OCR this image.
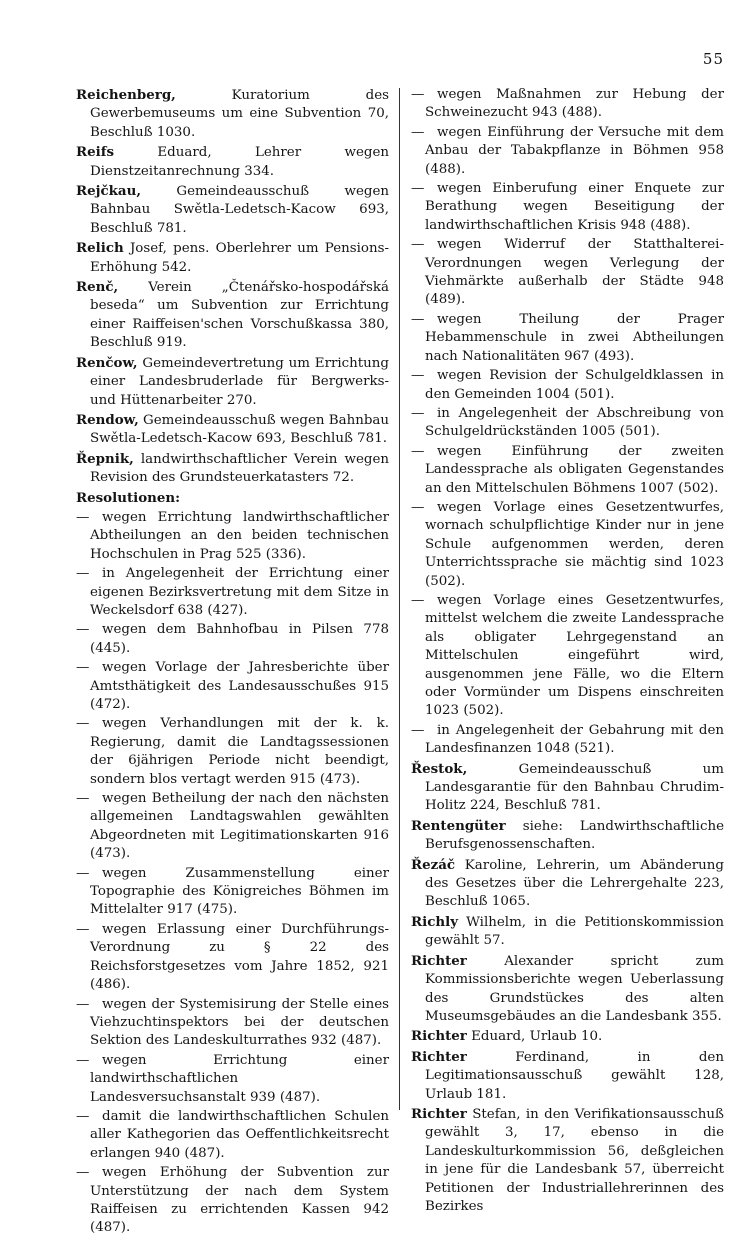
55

Reichenberg, Kuratorium des Gewerbemuseums um eine Subvention 70, Beschluß 1030.

Reifs Eduard, Lehrer wegen Dienstzeitanrechnung 334.

Rejčkau, Gemeindeausschuß wegen Bahnbau Swětla-Ledetsch-Kacow 693, Beschluß 781.

Relich Josef, pens. Oberlehrer um Pensions-Erhöhung 542.

Renč, Verein „Čtenářsko-hospodářská beseda“ um Subvention zur Errichtung einer Raiffeisen'schen Vorschußkassa 380, Beschluß 919.

Renčow, Gemeindevertretung um Errichtung einer Landesbruderlade für Bergwerks- und Hüttenarbeiter 270.

Rendow, Gemeindeausschuß wegen Bahnbau Swětla-Ledetsch-Kacow 693, Beschluß 781.

Řepnik, landwirthschaftlicher Verein wegen Revision des Grundsteuerkatasters 72.

Resolutionen:

— wegen Errichtung landwirthschaftlicher Abtheilungen an den beiden technischen Hochschulen in Prag 525 (336).

— in Angelegenheit der Errichtung einer eigenen Bezirksvertretung mit dem Sitze in Weckelsdorf 638 (427).

— wegen dem Bahnhofbau in Pilsen 778 (445).

— wegen Vorlage der Jahresberichte über Amtsthätigkeit des Landesausschußes 915 (472).

— wegen Verhandlungen mit der k. k. Regierung, damit die Landtagssessionen der 6jährigen Periode nicht beendigt, sondern blos vertagt werden 915 (473).

— wegen Betheilung der nach den nächsten allgemeinen Landtagswahlen gewählten Abgeordneten mit Legitimationskarten 916 (473).

— wegen Zusammenstellung einer Topographie des Königreiches Böhmen im Mittelalter 917 (475).

— wegen Erlassung einer Durchführungs-Verordnung zu § 22 des Reichsforstgesetzes vom Jahre 1852, 921 (486).

— wegen der Systemisirung der Stelle eines Viehzuchtinspektors bei der deutschen Sektion des Landeskulturrathes 932 (487).

— wegen Errichtung einer landwirthschaftlichen Landesversuchsanstalt 939 (487).

— damit die landwirthschaftlichen Schulen aller Kathegorien das Oeffentlichkeitsrecht erlangen 940 (487).

— wegen Erhöhung der Subvention zur Unterstützung der nach dem System Raiffeisen zu errichtenden Kassen 942 (487).

— wegen Maßnahmen zur Hebung der Schweinezucht 943 (488).

— wegen Einführung der Versuche mit dem Anbau der Tabakpflanze in Böhmen 958 (488).

— wegen Einberufung einer Enquete zur Berathung wegen Beseitigung der landwirthschaftlichen Krisis 948 (488).

— wegen Widerruf der Statthalterei-Verordnungen wegen Verlegung der Viehmärkte außerhalb der Städte 948 (489).

— wegen Theilung der Prager Hebammenschule in zwei Abtheilungen nach Nationalitäten 967 (493).

— wegen Revision der Schulgeldklassen in den Gemeinden 1004 (501).

— in Angelegenheit der Abschreibung von Schulgeldrückständen 1005 (501).

— wegen Einführung der zweiten Landessprache als obligaten Gegenstandes an den Mittelschulen Böhmens 1007 (502).

— wegen Vorlage eines Gesetzentwurfes, wornach schulpflichtige Kinder nur in jene Schule aufgenommen werden, deren Unterrichtssprache sie mächtig sind 1023 (502).

— wegen Vorlage eines Gesetzentwurfes, mittelst welchem die zweite Landessprache als obligater Lehrgegenstand an Mittelschulen eingeführt wird, ausgenommen jene Fälle, wo die Eltern oder Vormünder um Dispens einschreiten 1023 (502).

— in Angelegenheit der Gebahrung mit den Landesfinanzen 1048 (521).

Řestok, Gemeindeausschuß um Landesgarantie für den Bahnbau Chrudim-Holitz 224, Beschluß 781.

Rentengüter siehe: Landwirthschaftliche Berufsgenossenschaften.

Řezáč Karoline, Lehrerin, um Abänderung des Gesetzes über die Lehrergehalte 223, Beschluß 1065.

Richly Wilhelm, in die Petitionskommission gewählt 57.

Richter Alexander spricht zum Kommissionsberichte wegen Ueberlassung des Grundstückes des alten Museumsgebäudes an die Landesbank 355.

Richter Eduard, Urlaub 10.

Richter Ferdinand, in den Legitimationsausschuß gewählt 128, Urlaub 181.

Richter Stefan, in den Verifikationsausschuß gewählt 3, 17, ebenso in die Landeskulturkommission 56, deßgleichen in jene für die Landesbank 57, überreicht Petitionen der Industriallehrerinnen des Bezirkes
